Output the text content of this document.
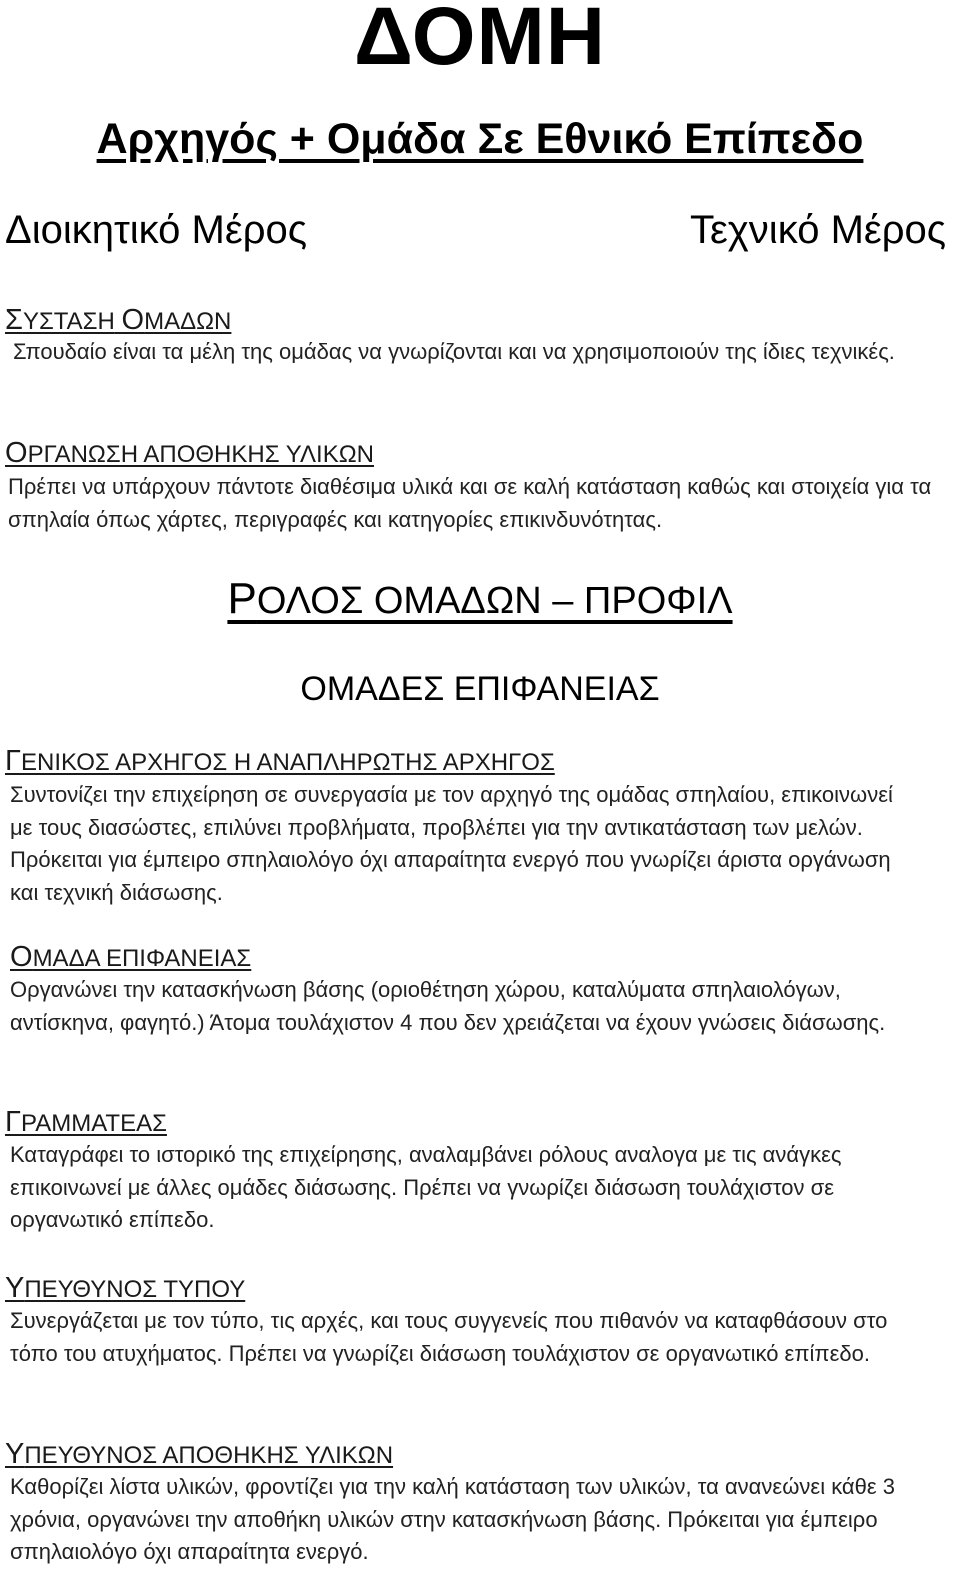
ΔΟΜΗ
Αρχηγός + Ομάδα Σε Εθνικό Επίπεδο
Διοικητικό Μέρος	Τεχνικό Μέρος
ΣΥΣΤΑΣΗ ΟΜΑΔΩΝ

Σπουδαίο είναι τα μέλη της ομάδας να γνωρίζονται και να χρησιμοποιούν της ίδιες τεχνικές.

ΟΡΓΑΝΩΣΗ ΑΠΟΘΗΚΗΣ ΥΛΙΚΩΝ

Πρέπει να υπάρχουν πάντοτε διαθέσιμα υλικά και σε καλή κατάσταση καθώς και στοιχεία για τα σπηλαία όπως χάρτες, περιγραφές και κατηγορίες επικινδυνότητας.

ΡΟΛΟΣ ΟΜΑΔΩΝ – ΠΡΟΦΙΛ
ΟΜΑΔΕΣ ΕΠΙΦΑΝΕΙΑΣ
ΓΕΝΙΚΟΣ ΑΡΧΗΓΟΣ Η ΑΝΑΠΛΗΡΩΤΗΣ ΑΡΧΗΓΟΣ

Συντονίζει την επιχείρηση σε συνεργασία με τον αρχηγό της ομάδας σπηλαίου, επικοινωνεί με τους διασώστες, επιλύνει προβλήματα, προβλέπει για την αντικατάσταση των μελών. Πρόκειται για έμπειρο σπηλαιολόγο όχι απαραίτητα ενεργό που γνωρίζει άριστα οργάνωση και τεχνική διάσωσης.

ΟΜΑΔΑ ΕΠΙΦΑΝΕΙΑΣ

Οργανώνει την κατασκήνωση βάσης (οριοθέτηση χώρου, καταλύματα σπηλαιολόγων, αντίσκηνα, φαγητό.) Άτομα τουλάχιστον 4 που δεν χρειάζεται να έχουν γνώσεις διάσωσης.

ΓΡΑΜΜΑΤΕΑΣ

Καταγράφει το ιστορικό της επιχείρησης, αναλαμβάνει ρόλους αναλογα με τις ανάγκες επικοινωνεί με άλλες ομάδες διάσωσης. Πρέπει να γνωρίζει διάσωση τουλάχιστον σε οργανωτικό επίπεδο.

ΥΠΕΥΘΥΝΟΣ ΤΥΠΟΥ

Συνεργάζεται με τον τύπο, τις αρχές, και τους συγγενείς που πιθανόν να καταφθάσουν στο τόπο του ατυχήματος. Πρέπει να γνωρίζει διάσωση τουλάχιστον σε οργανωτικό επίπεδο.

ΥΠΕΥΘΥΝΟΣ ΑΠΟΘΗΚΗΣ ΥΛΙΚΩΝ

Καθορίζει λίστα υλικών, φροντίζει για την καλή κατάσταση των υλικών, τα ανανεώνει κάθε 3 χρόνια, οργανώνει την αποθήκη υλικών στην κατασκήνωση βάσης. Πρόκειται για έμπειρο σπηλαιολόγο όχι απαραίτητα ενεργό.
